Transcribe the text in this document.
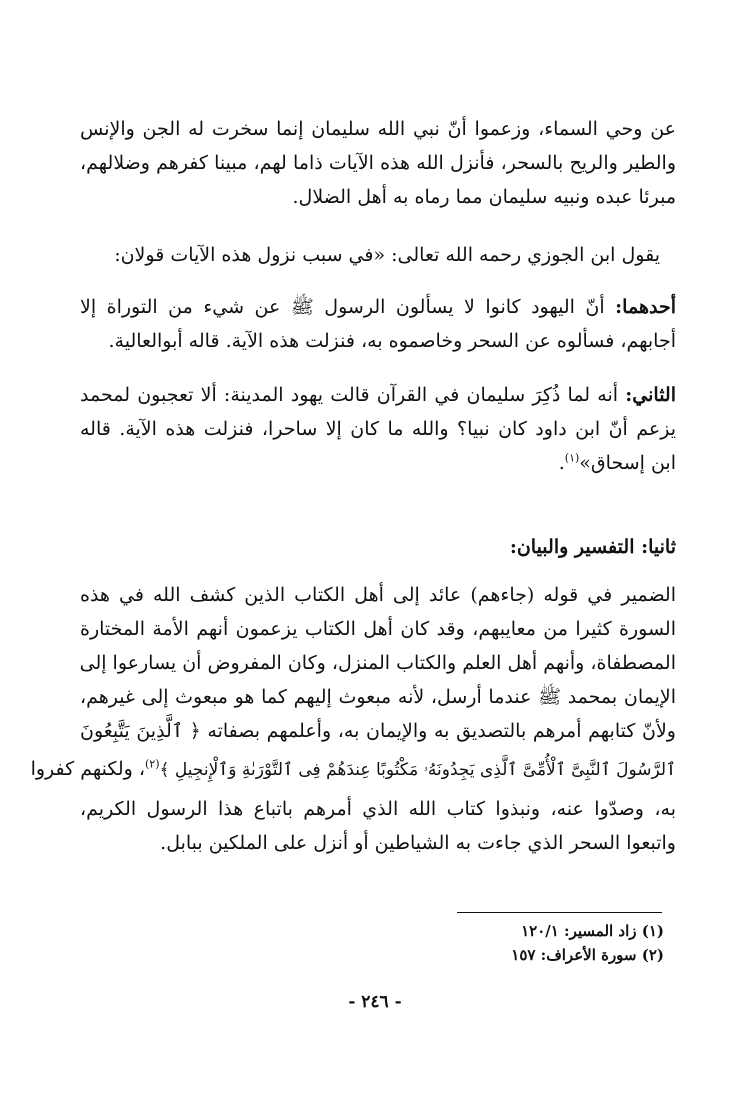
عن وحي السماء، وزعموا أنّ نبي الله سليمان إنما سخرت له الجن والإنس
والطير والريح بالسحر، فأنزل الله هذه الآيات ذاما لهم، مبينا كفرهم وضلالهم،
مبرئا عبده ونبيه سليمان مما رماه به أهل الضلال.
يقول ابن الجوزي رحمه الله تعالى: «في سبب نزول هذه الآيات قولان:
أحدهما: أنّ اليهود كانوا لا يسألون الرسول ﷺ عن شيء من التوراة إلا
أجابهم، فسألوه عن السحر وخاصموه به، فنزلت هذه الآية. قاله أبوالعالية.
الثاني: أنه لما ذُكِرَ سليمان في القرآن قالت يهود المدينة: ألا تعجبون لمحمد
يزعم أنّ ابن داود كان نبيا؟ والله ما كان إلا ساحرا، فنزلت هذه الآية. قاله
ابن إسحاق»$^{(١)}$.
ثانيا: التفسير والبيان:
الضمير في قوله (جاءهم) عائد إلى أهل الكتاب الذين كشف الله في هذه
السورة كثيرا من معايبهم، وقد كان أهل الكتاب يزعمون أنهم الأمة المختارة
المصطفاة، وأنهم أهل العلم والكتاب المنزل، وكان المفروض أن يسارعوا إلى
الإيمان بمحمد ﷺ عندما أرسل، لأنه مبعوث إليهم كما هو مبعوث إلى غيرهم،
ولأنّ كتابهم أمرهم بالتصديق به والإيمان به، وأعلمهم بصفاته ﴿ ٱلَّذِينَ يَتَّبِعُونَ
ٱلرَّسُولَ ٱلنَّبِىَّ ٱلْأُمِّىَّ ٱلَّذِى يَجِدُونَهُۥ مَكْتُوبًا عِندَهُمْ فِى ٱلتَّوْرَىٰةِ وَٱلْإِنجِيلِ ﴾$^{(٢)}$، ولكنهم كفروا
به، وصدّوا عنه، ونبذوا كتاب الله الذي أمرهم باتباع هذا الرسول الكريم،
واتبعوا السحر الذي جاءت به الشياطين أو أنزل على الملكين ببابل.
(١) زاد المسير: ١٢٠/١
(٢) سورة الأعراف: ١٥٧
- ٢٤٦ -
